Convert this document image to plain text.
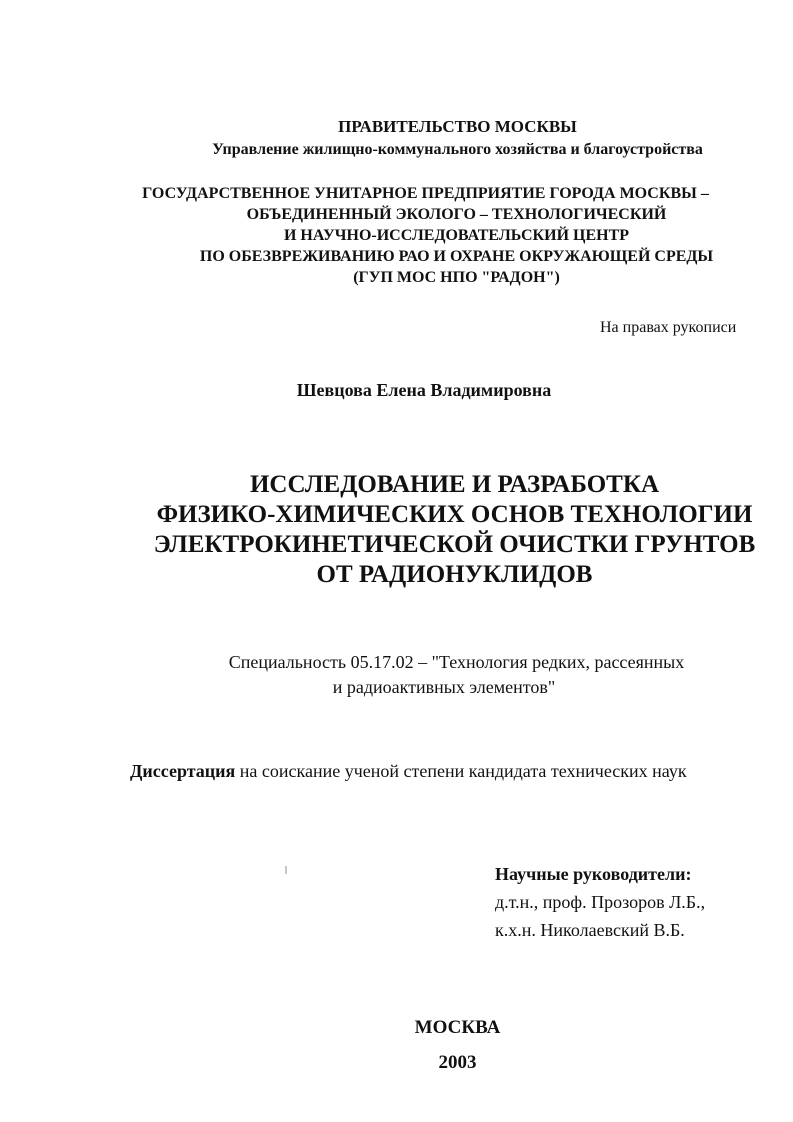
ПРАВИТЕЛЬСТВО МОСКВЫ
Управление жилищно-коммунального хозяйства и благоустройства
ГОСУДАРСТВЕННОЕ УНИТАРНОЕ ПРЕДПРИЯТИЕ ГОРОДА МОСКВЫ –
ОБЪЕДИНЕННЫЙ ЭКОЛОГО – ТЕХНОЛОГИЧЕСКИЙ
И НАУЧНО-ИССЛЕДОВАТЕЛЬСКИЙ ЦЕНТР
ПО ОБЕЗВРЕЖИВАНИЮ РАО И ОХРАНЕ ОКРУЖАЮЩЕЙ СРЕДЫ
(ГУП МОС НПО "РАДОН")
На правах рукописи
Шевцова Елена Владимировна
ИССЛЕДОВАНИЕ И РАЗРАБОТКА
ФИЗИКО-ХИМИЧЕСКИХ ОСНОВ ТЕХНОЛОГИИ
ЭЛЕКТРОКИНЕТИЧЕСКОЙ ОЧИСТКИ ГРУНТОВ
ОТ РАДИОНУКЛИДОВ
Специальность 05.17.02 – "Технология редких, рассеянных
и радиоактивных элементов"
Диссертация на соискание ученой степени кандидата технических наук
Научные руководители:
д.т.н., проф. Прозоров Л.Б.,
к.х.н. Николаевский В.Б.
МОСКВА
2003
